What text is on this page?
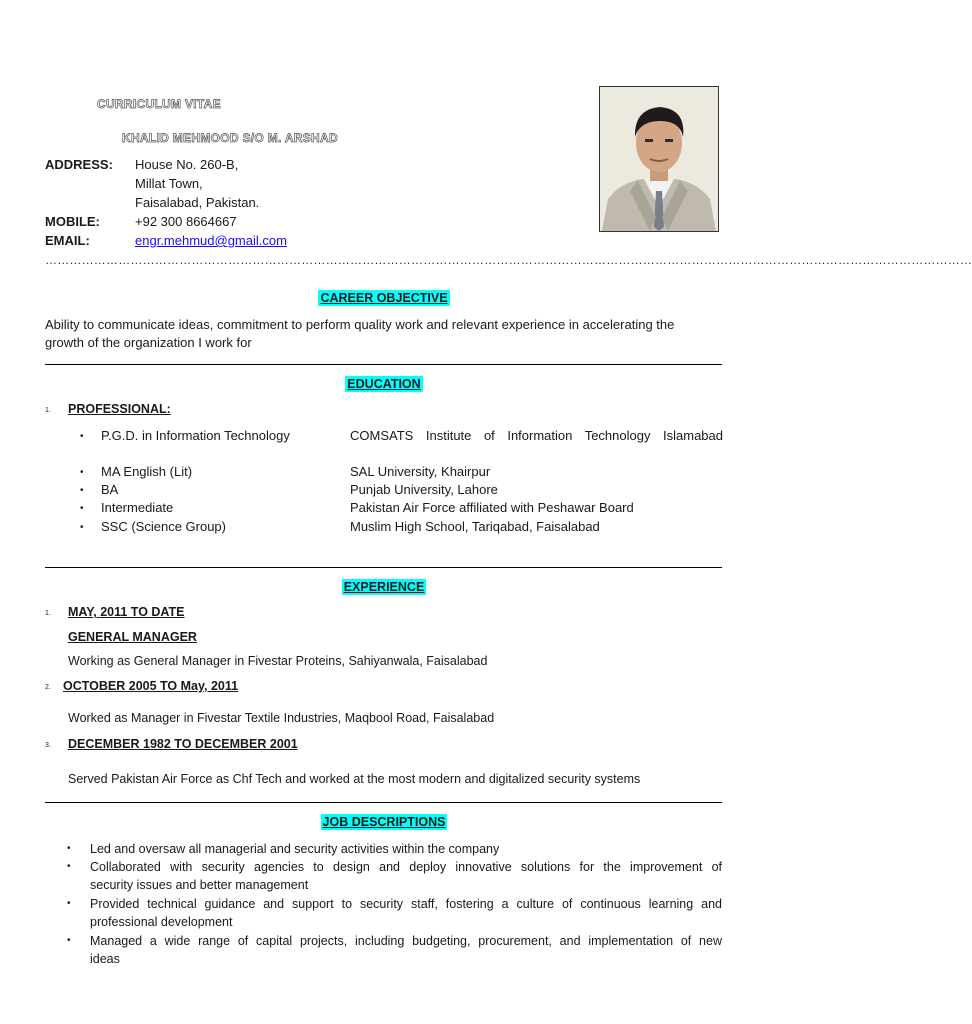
CURRICULUM VITAE
KHALID MEHMOOD S/O M. ARSHAD
ADDRESS: House No. 260-B,
Millat Town,
Faisalabad, Pakistan.
MOBILE:	+92 300 8664667
EMAIL:	engr.mehmud@gmail.com
…………………………………………………………………………………………………………………………………………………………………………………………………………
CAREER OBJECTIVE
Ability to communicate ideas, commitment to perform quality work and relevant experience in accelerating the
growth of the organization I work for
EDUCATION
1. PROFESSIONAL:
• P.G.D. in Information Technology	COMSATS Institute of Information Technology Islamabad
• MA English (Lit)	SAL University, Khairpur
• BA	Punjab University, Lahore
• Intermediate	Pakistan Air Force affiliated with Peshawar Board
• SSC (Science Group)	Muslim High School, Tariqabad, Faisalabad
EXPERIENCE
1. MAY, 2011 TO DATE
GENERAL MANAGER
Working as General Manager in Fivestar Proteins, Sahiyanwala, Faisalabad
2. OCTOBER 2005 TO May, 2011
Worked as Manager in Fivestar Textile Industries, Maqbool Road, Faisalabad
3. DECEMBER 1982 TO DECEMBER 2001
Served Pakistan Air Force as Chf Tech and worked at the most modern and digitalized security systems
JOB DESCRIPTIONS
• Led and oversaw all managerial and security activities within the company
• Collaborated with security agencies to design and deploy innovative solutions for the improvement of
security issues and better management
• Provided technical guidance and support to security staff, fostering a culture of continuous learning and
professional development
• Managed a wide range of capital projects, including budgeting, procurement, and implementation of new
ideas
